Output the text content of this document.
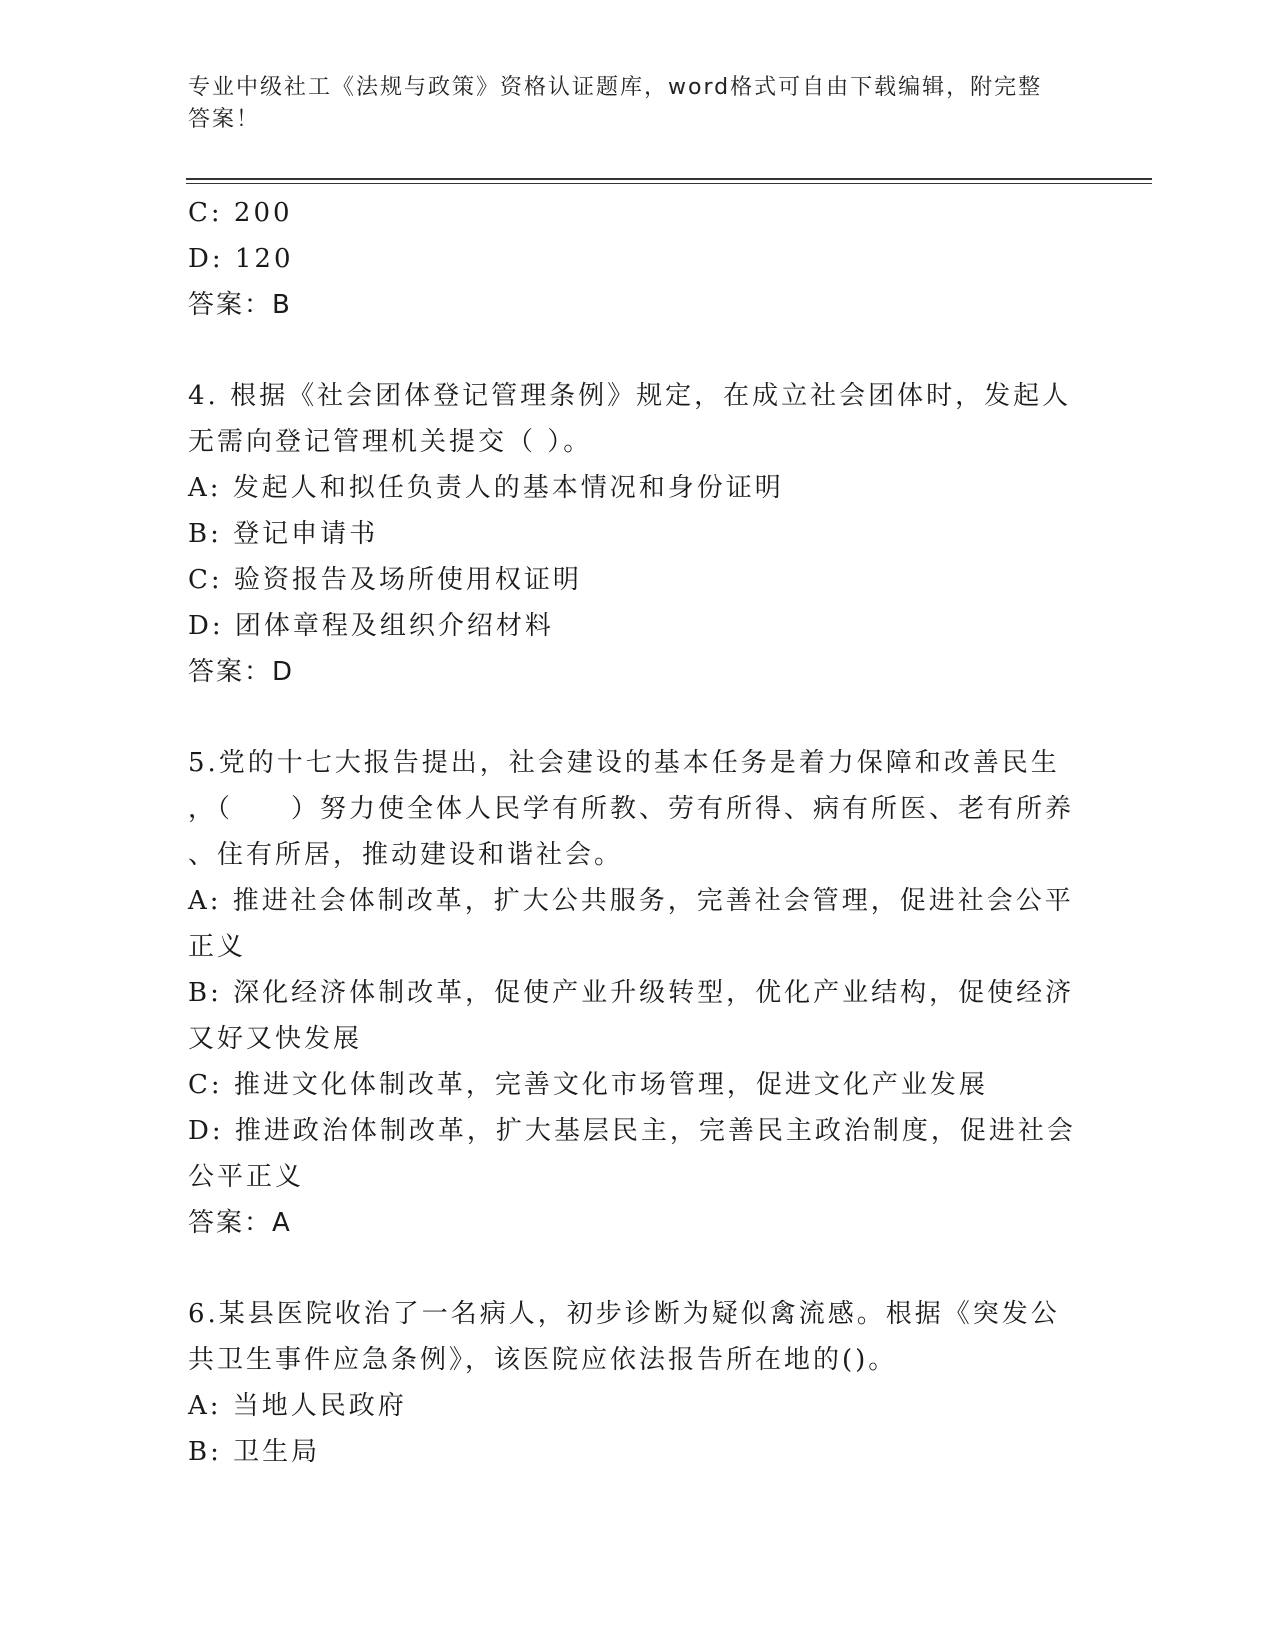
专业中级社工《法规与政策》资格认证题库，word格式可自由下载编辑，附完整
答案！
C: 200
D: 120
答案：B
4. 根据《社会团体登记管理条例》规定，在成立社会团体时，发起人
无需向登记管理机关提交（ ）。
A: 发起人和拟任负责人的基本情况和身份证明
B: 登记申请书
C: 验资报告及场所使用权证明
D: 团体章程及组织介绍材料
答案：D
5.党的十七大报告提出，社会建设的基本任务是着力保障和改善民生
，（　　）努力使全体人民学有所教、劳有所得、病有所医、老有所养
、住有所居，推动建设和谐社会。
A: 推进社会体制改革，扩大公共服务，完善社会管理，促进社会公平
正义
B: 深化经济体制改革，促使产业升级转型，优化产业结构，促使经济
又好又快发展
C: 推进文化体制改革，完善文化市场管理，促进文化产业发展
D: 推进政治体制改革，扩大基层民主，完善民主政治制度，促进社会
公平正义
答案：A
6.某县医院收治了一名病人，初步诊断为疑似禽流感。根据《突发公
共卫生事件应急条例》，该医院应依法报告所在地的()。
A: 当地人民政府
B: 卫生局
